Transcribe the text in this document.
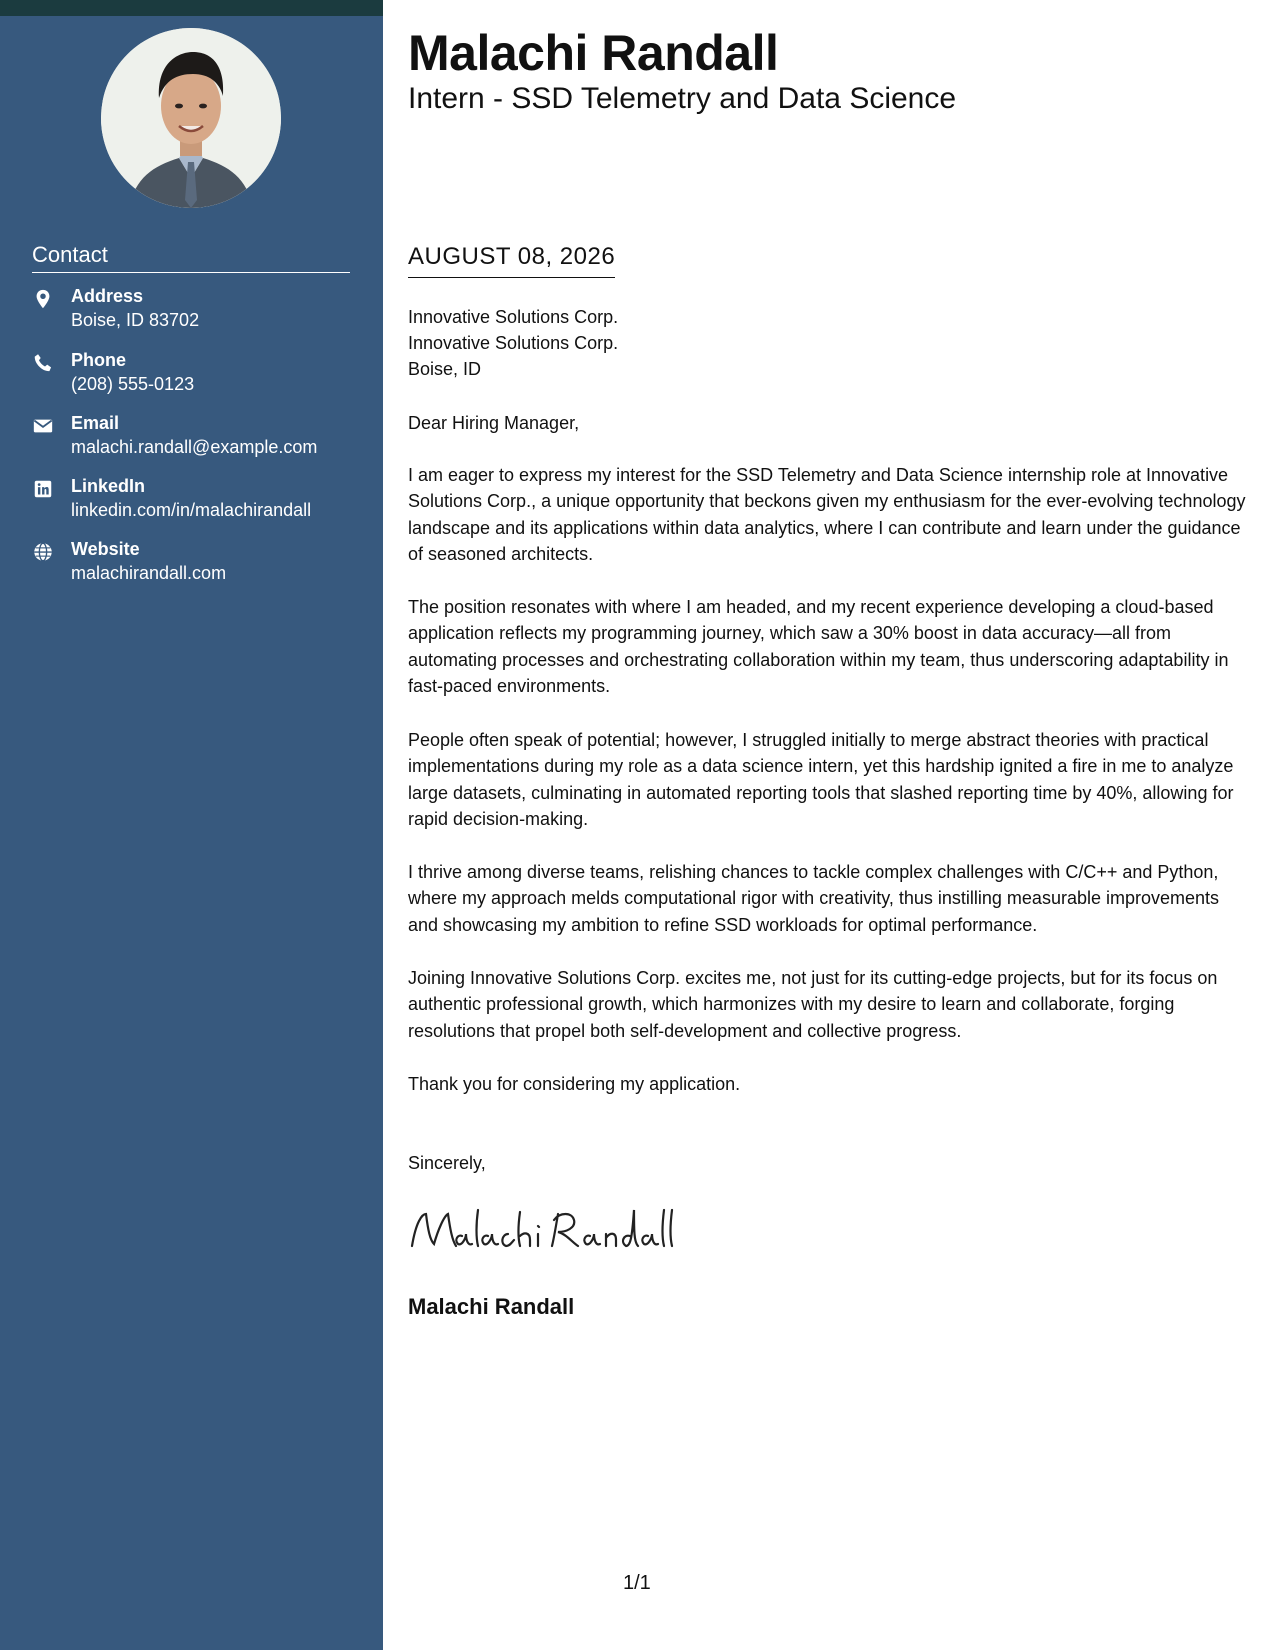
Contact
Address
Boise, ID 83702
Phone
(208) 555-0123
Email
malachi.randall@example.com
LinkedIn
linkedin.com/in/malachirandall
Website
malachirandall.com
Malachi Randall
Intern - SSD Telemetry and Data Science
AUGUST 08, 2026
Innovative Solutions Corp.
Innovative Solutions Corp.
Boise, ID

Dear Hiring Manager,

I am eager to express my interest for the SSD Telemetry and Data Science internship role at Innovative Solutions Corp., a unique opportunity that beckons given my enthusiasm for the ever-evolving technology landscape and its applications within data analytics, where I can contribute and learn under the guidance of seasoned architects.

The position resonates with where I am headed, and my recent experience developing a cloud-based application reflects my programming journey, which saw a 30% boost in data accuracy—all from automating processes and orchestrating collaboration within my team, thus underscoring adaptability in fast-paced environments.

People often speak of potential; however, I struggled initially to merge abstract theories with practical implementations during my role as a data science intern, yet this hardship ignited a fire in me to analyze large datasets, culminating in automated reporting tools that slashed reporting time by 40%, allowing for rapid decision-making.

I thrive among diverse teams, relishing chances to tackle complex challenges with C/C++ and Python, where my approach melds computational rigor with creativity, thus instilling measurable improvements and showcasing my ambition to refine SSD workloads for optimal performance.

Joining Innovative Solutions Corp. excites me, not just for its cutting-edge projects, but for its focus on authentic professional growth, which harmonizes with my desire to learn and collaborate, forging resolutions that propel both self-development and collective progress.

Thank you for considering my application.

Sincerely,

Malachi Randall
1/1
